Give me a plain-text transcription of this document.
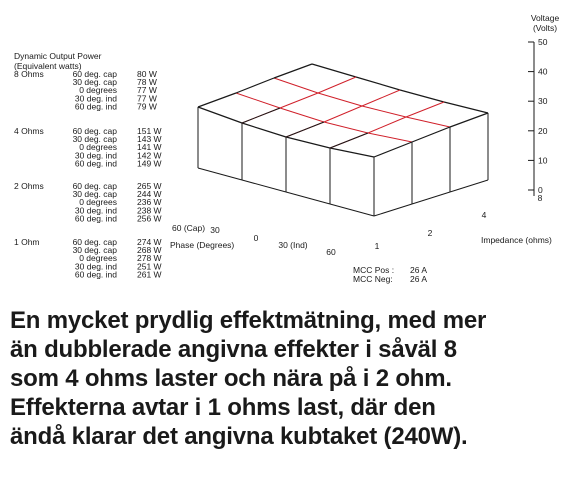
Dynamic Output Power
(Equivalent watts)
8 Ohms	60 deg. cap 80 W
30 deg. cap 78 W
0 degrees 77 W
30 deg. ind 77 W
60 deg. ind 79 W
4 Ohms	60 deg. cap 151 W
30 deg. cap 143 W
0 degrees 141 W
30 deg. ind 142 W
60 deg. ind 149 W
2 Ohms	60 deg. cap 265 W
30 deg. cap 244 W
0 degrees 236 W
30 deg. ind 238 W
60 deg. ind 256 W
1 Ohm	60 deg. cap 274 W
30 deg. cap 268 W
0 degrees 278 W
30 deg. ind 251 W
60 deg. ind 261 W
0
10
20
30
40
50
Voltage
(Volts)
60 (Cap) 30
0
30 (Ind)
60
Phase (Degrees)	1
2
4
8
Impedance (ohms)
MCC Pos : 26 A
MCC Neg: 26 A
En mycket prydlig effektmätning, med mer
än dubblerade angivna effekter i såväl 8
som 4 ohms laster och nära på i 2 ohm.
Effekterna avtar i 1 ohms last, där den
ändå klarar det angivna kubtaket (240W).
